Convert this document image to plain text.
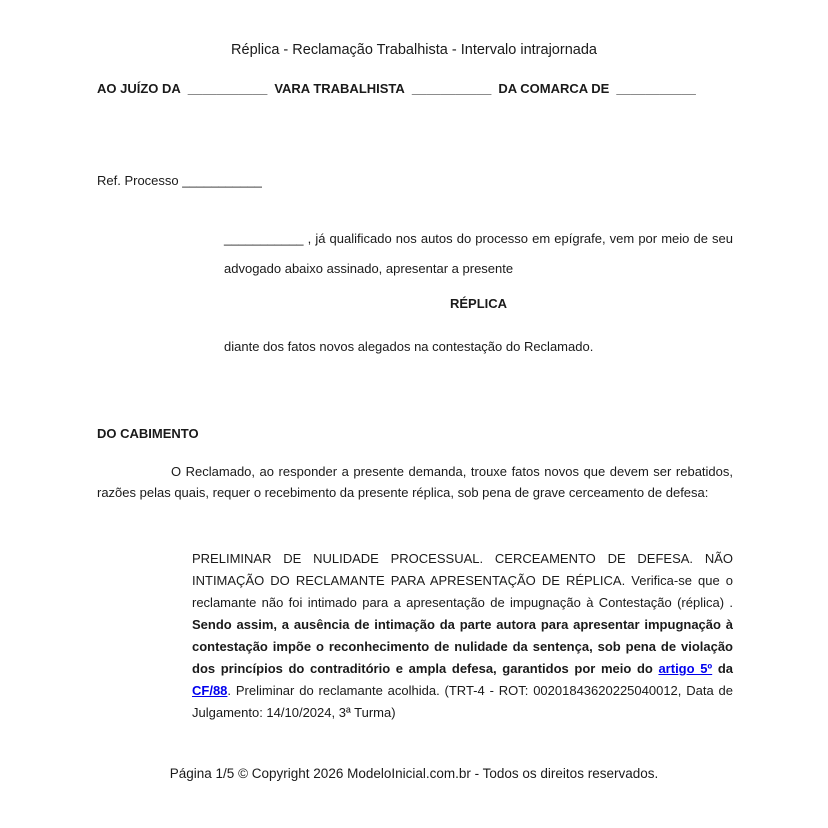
Réplica - Reclamação Trabalhista - Intervalo intrajornada
AO JUÍZO DA ___________ VARA TRABALHISTA ___________ DA COMARCA DE ___________
Ref. Processo ___________
___________ , já qualificado nos autos do processo em epígrafe, vem por meio de seu advogado abaixo assinado, apresentar a presente
RÉPLICA
diante dos fatos novos alegados na contestação do Reclamado.
DO CABIMENTO
O Reclamado, ao responder a presente demanda, trouxe fatos novos que devem ser rebatidos, razões pelas quais, requer o recebimento da presente réplica, sob pena de grave cerceamento de defesa:
PRELIMINAR DE NULIDADE PROCESSUAL. CERCEAMENTO DE DEFESA. NÃO INTIMAÇÃO DO RECLAMANTE PARA APRESENTAÇÃO DE RÉPLICA. Verifica-se que o reclamante não foi intimado para a apresentação de impugnação à Contestação (réplica) . Sendo assim, a ausência de intimação da parte autora para apresentar impugnação à contestação impõe o reconhecimento de nulidade da sentença, sob pena de violação dos princípios do contraditório e ampla defesa, garantidos por meio do artigo 5º da CF/88. Preliminar do reclamante acolhida. (TRT-4 - ROT: 00201843620225040012, Data de Julgamento: 14/10/2024, 3ª Turma)
Página 1/5 © Copyright 2026 ModeloInicial.com.br - Todos os direitos reservados.
